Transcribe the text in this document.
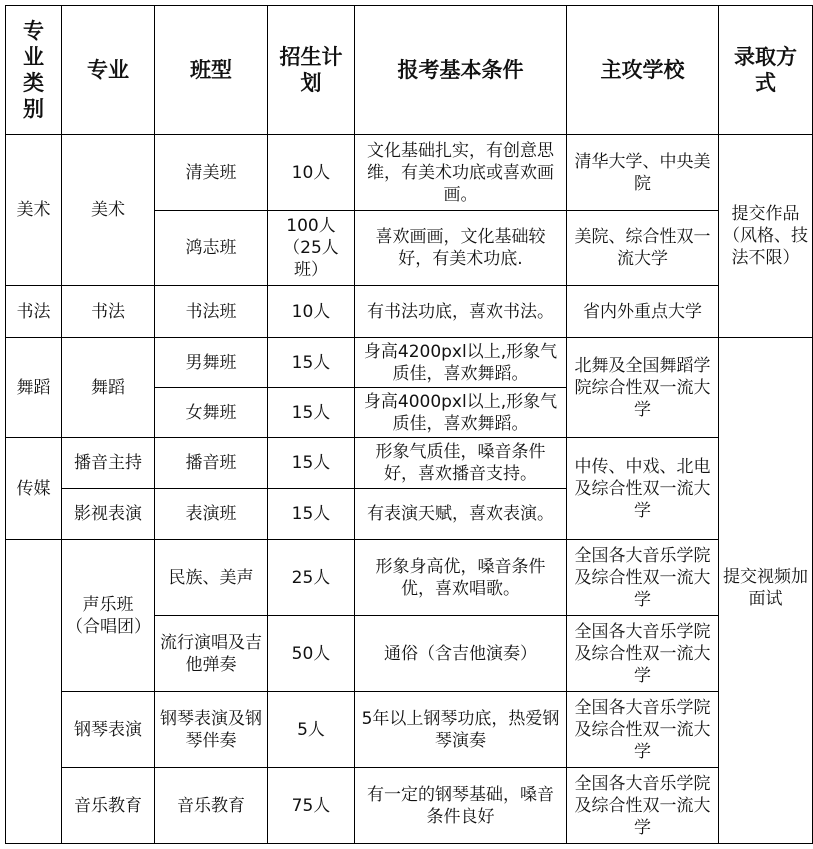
专业类别	专业	班型	招生计划	报考基本条件	主攻学校	录取方式
美术	美术	清美班	10人	文化基础扎实，有创意思维，有美术功底或喜欢画画。	清华大学、中央美院	提交作品（风格、技法不限）
		鸿志班	100人（25人班）	喜欢画画，文化基础较好，有美术功底.	美院、综合性双一流大学	
书法	书法	书法班	10人	有书法功底，喜欢书法。	省内外重点大学	
舞蹈	舞蹈	男舞班	15人	身高4200pxl以上,形象气质佳，喜欢舞蹈。	北舞及全国舞蹈学院综合性双一流大学	提交视频加面试
		女舞班	15人	身高4000pxl以上,形象气质佳，喜欢舞蹈。		
传媒	播音主持	播音班	15人	形象气质佳，嗓音条件好，喜欢播音支持。	中传、中戏、北电及综合性双一流大学	
	影视表演	表演班	15人	有表演天赋，喜欢表演。		
	声乐班（合唱团）	民族、美声	25人	形象身高优，嗓音条件优，喜欢唱歌。	全国各大音乐学院及综合性双一流大学	
		流行演唱及吉他弹奏	50人	通俗（含吉他演奏）	全国各大音乐学院及综合性双一流大学	
	钢琴表演	钢琴表演及钢琴伴奏	5人	5年以上钢琴功底，热爱钢琴演奏	全国各大音乐学院及综合性双一流大学	
	音乐教育	音乐教育	75人	有一定的钢琴基础，嗓音条件良好	全国各大音乐学院及综合性双一流大学	
